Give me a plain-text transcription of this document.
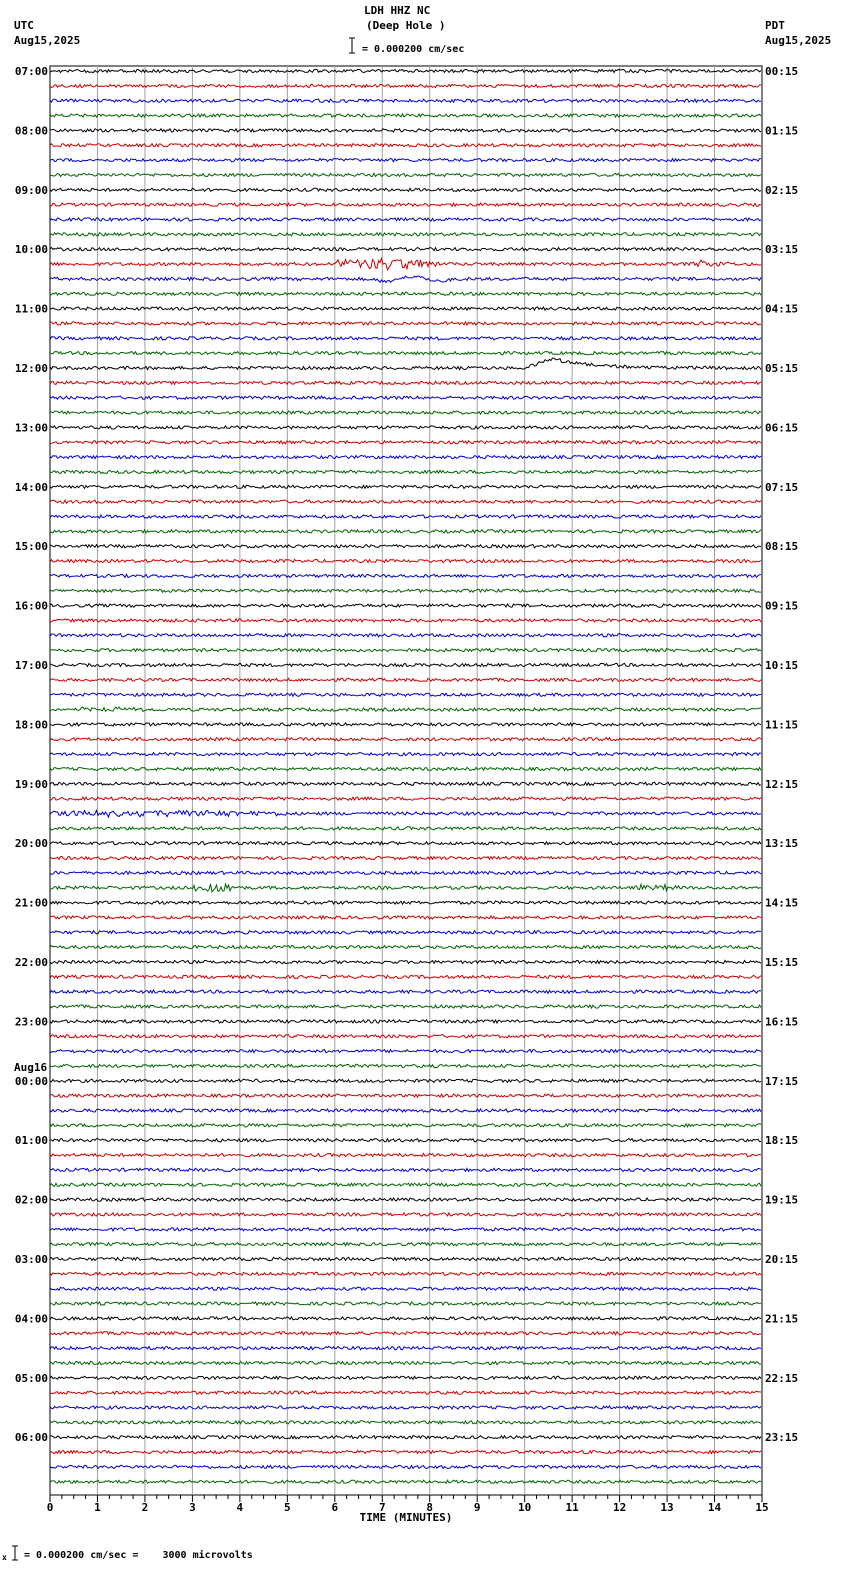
LDH HHZ NC
(Deep Hole )
UTC
Aug15,2025
PDT
Aug15,2025
= 0.000200 cm/sec
x = 0.000200 cm/sec =    3000 microvolts
0	1	2	3	4	5	6	7	8	9	10	11	12	13	14	15
TIME (MINUTES)
07:00
08:00
09:00
10:00
11:00
12:00
13:00
14:00
15:00
16:00
17:00
18:00
19:00
20:00
21:00
22:00
23:00
00:00
01:00
02:00
03:00
04:00
05:00
06:00
00:15
01:15
02:15
03:15
04:15
05:15
06:15
07:15
08:15
09:15
10:15
11:15
12:15
13:15
14:15
15:15
16:15
17:15
18:15
19:15
20:15
21:15
22:15
23:15
Aug16
